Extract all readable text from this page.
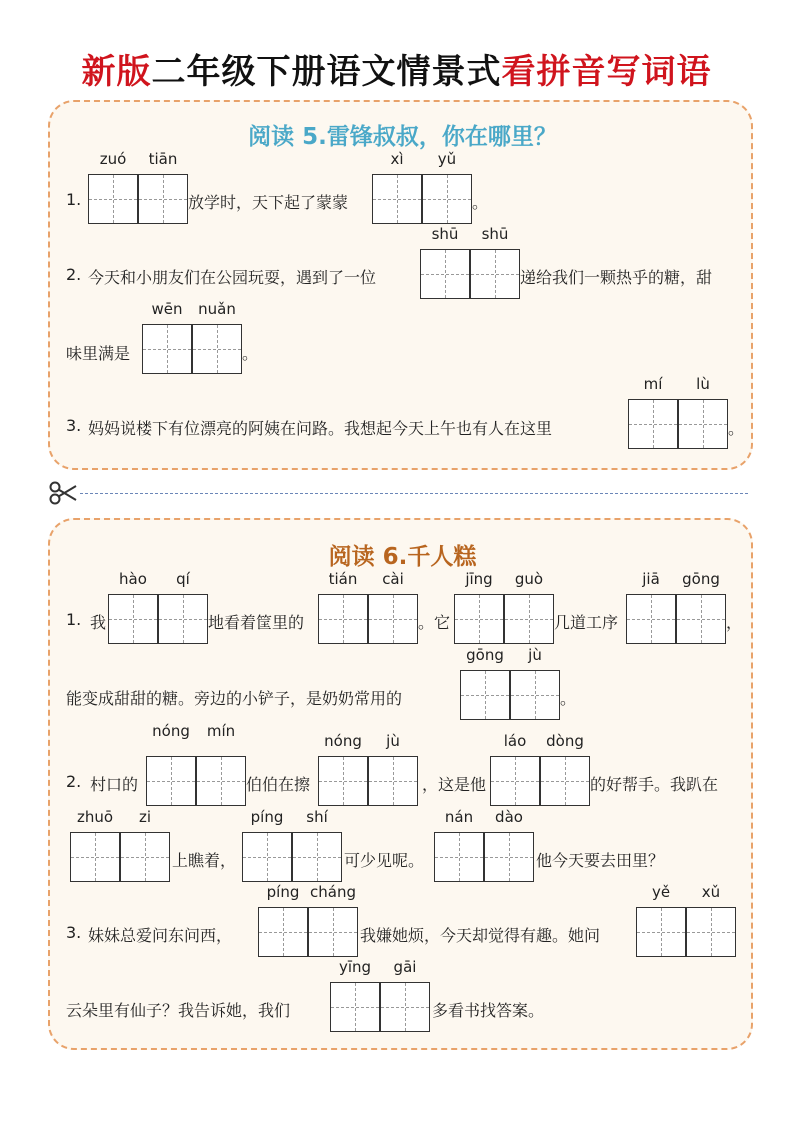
新版二年级下册语文情景式看拼音写词语
阅读 5.雷锋叔叔，你在哪里？
1.
zuó	tiān
放学时，天下起了蒙蒙
xì	yǔ
。
2. 今天和小朋友们在公园玩耍，遇到了一位
shū	shū
递给我们一颗热乎的糖，甜
味里满是
wēn	nuǎn
。
3. 妈妈说楼下有位漂亮的阿姨在问路。我想起今天上午也有人在这里
mí	lù
。
阅读 6.千人糕
1. 我
hào	qí
地看着筐里的
tián	cài
。它
jīng	guò
几道工序
jiā	gōng
，
能变成甜甜的糖。旁边的小铲子，是奶奶常用的
gōng	jù
。
2. 村口的
nóng	mín
伯伯在擦
nóng	jù
，这是他
láo	dòng
的好帮手。我趴在
zhuō	zi
上瞧着，
píng	shí
可少见呢。
nán	dào
他今天要去田里？
3. 妹妹总爱问东问西，
píng cháng
我嫌她烦，今天却觉得有趣。她问
yě	xǔ
云朵里有仙子？我告诉她，我们
yīng	gāi
多看书找答案。
